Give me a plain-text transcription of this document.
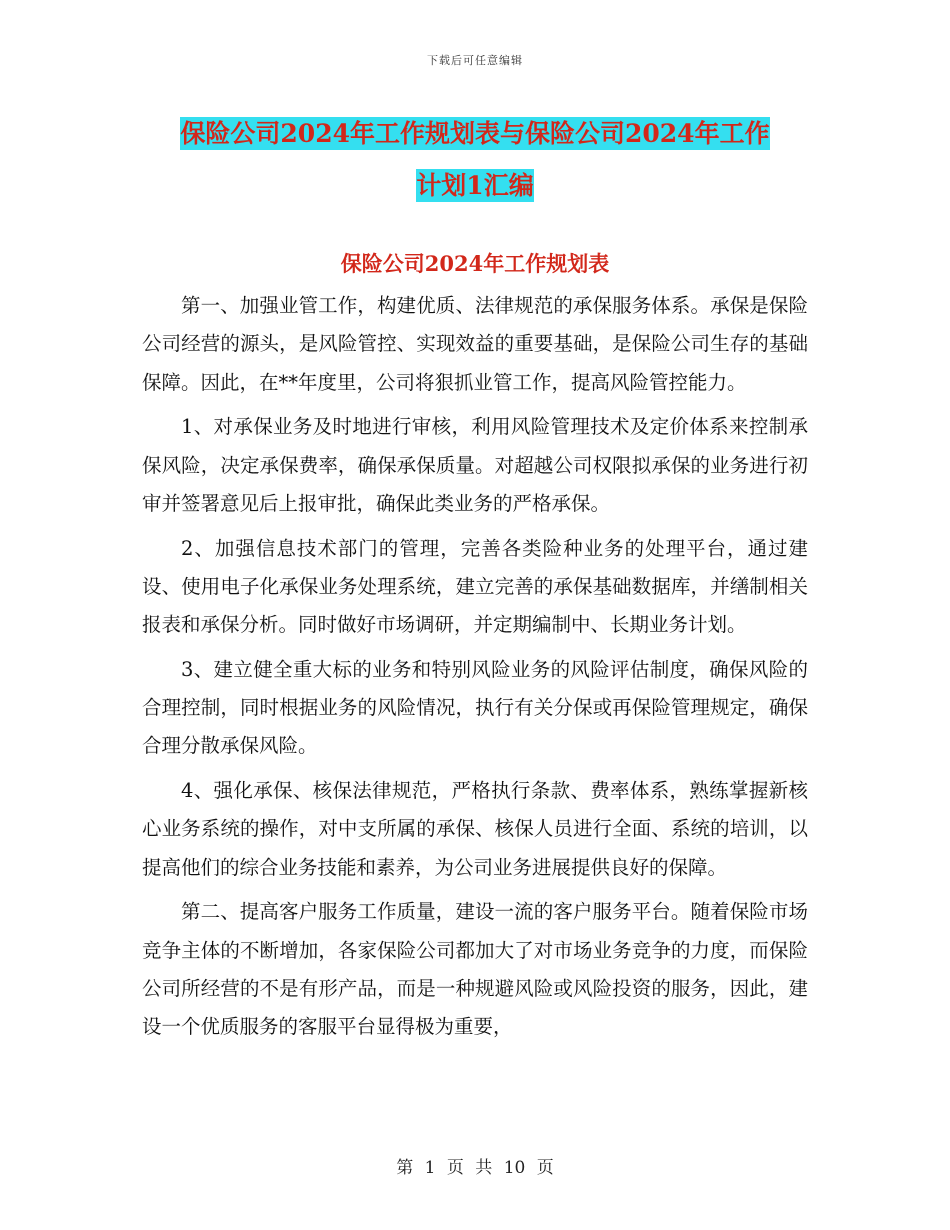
下载后可任意编辑
保险公司2024年工作规划表与保险公司2024年工作
计划1汇编
保险公司2024年工作规划表

第一、加强业管工作，构建优质、法律规范的承保服务体系。承保是保险公司经营的源头，是风险管控、实现效益的重要基础，是保险公司生存的基础保障。因此，在**年度里，公司将狠抓业管工作，提高风险管控能力。

1、对承保业务及时地进行审核，利用风险管理技术及定价体系来控制承保风险，决定承保费率，确保承保质量。对超越公司权限拟承保的业务进行初审并签署意见后上报审批，确保此类业务的严格承保。

2、加强信息技术部门的管理，完善各类险种业务的处理平台，通过建设、使用电子化承保业务处理系统，建立完善的承保基础数据库，并缮制相关报表和承保分析。同时做好市场调研，并定期编制中、长期业务计划。

3、建立健全重大标的业务和特别风险业务的风险评估制度，确保风险的合理控制，同时根据业务的风险情况，执行有关分保或再保险管理规定，确保合理分散承保风险。

4、强化承保、核保法律规范，严格执行条款、费率体系，熟练掌握新核心业务系统的操作，对中支所属的承保、核保人员进行全面、系统的培训，以提高他们的综合业务技能和素养，为公司业务进展提供良好的保障。

第二、提高客户服务工作质量，建设一流的客户服务平台。随着保险市场竞争主体的不断增加，各家保险公司都加大了对市场业务竞争的力度，而保险公司所经营的不是有形产品，而是一种规避风险或风险投资的服务，因此，建设一个优质服务的客服平台显得极为重要，

第 1 页 共 10 页
